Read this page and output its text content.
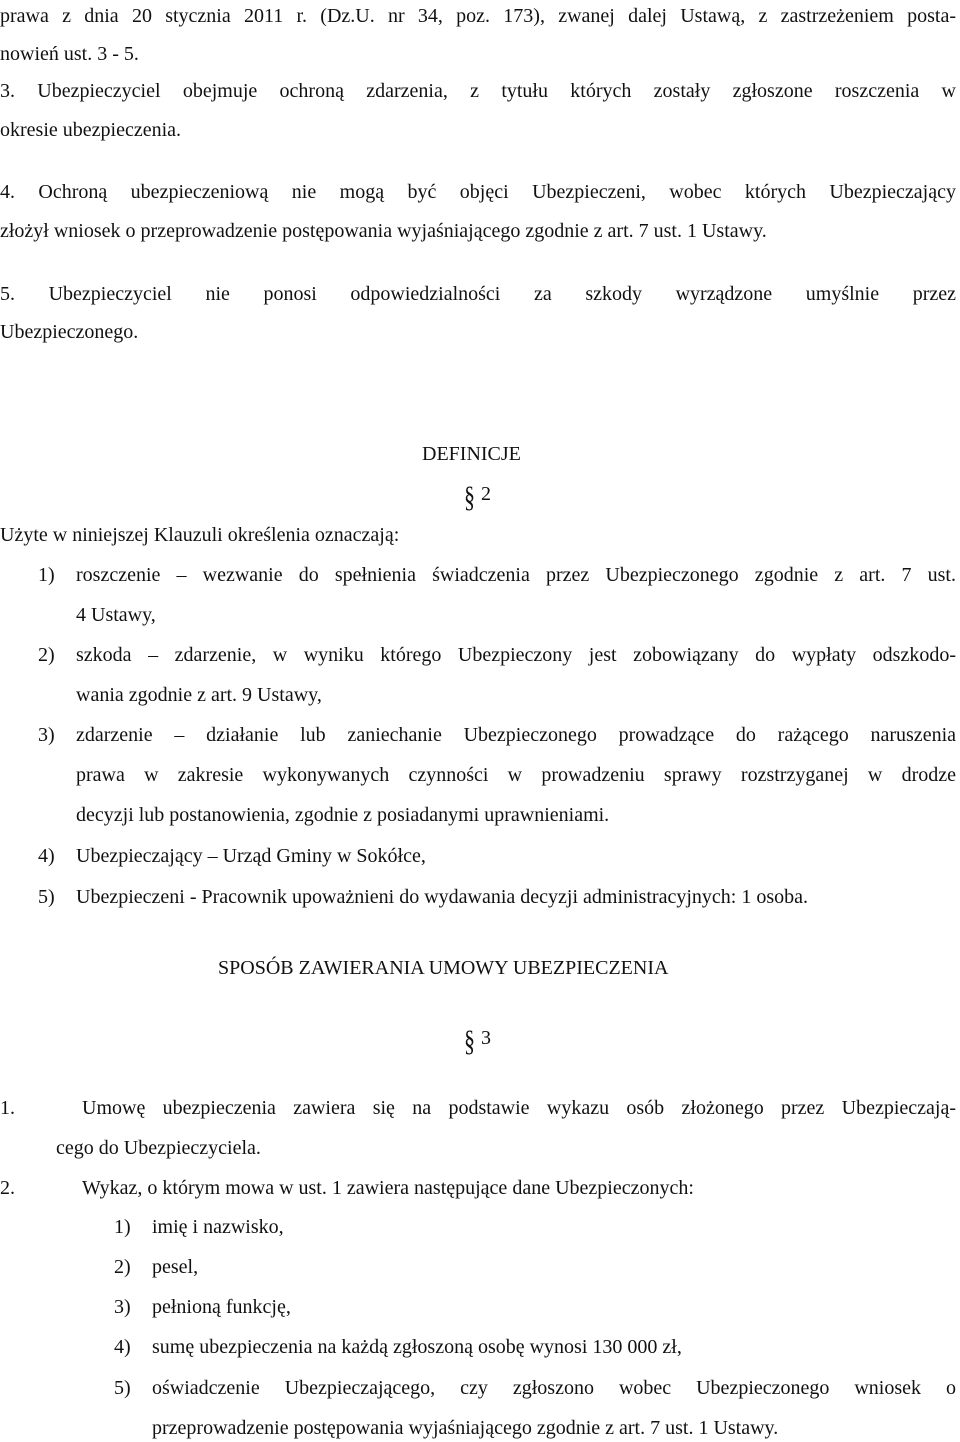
prawa z dnia 20 stycznia 2011 r. (Dz.U. nr 34, poz. 173), zwanej dalej Ustawą, z zastrzeżeniem posta-
nowień ust. 3 - 5.
3. Ubezpieczyciel obejmuje ochroną zdarzenia, z tytułu których zostały zgłoszone roszczenia w
okresie ubezpieczenia.
4. Ochroną ubezpieczeniową nie mogą być objęci Ubezpieczeni, wobec których Ubezpieczający
złożył wniosek o przeprowadzenie postępowania wyjaśniającego zgodnie z art. 7 ust. 1 Ustawy.
5. Ubezpieczyciel nie ponosi odpowiedzialności za szkody wyrządzone umyślnie przez
Ubezpieczonego.
DEFINICJE
§ 2
Użyte w niniejszej Klauzuli określenia oznaczają:
1) roszczenie – wezwanie do spełnienia świadczenia przez Ubezpieczonego zgodnie z art. 7 ust.
4 Ustawy,
2) szkoda – zdarzenie, w wyniku którego Ubezpieczony jest zobowiązany do wypłaty odszkodo-
wania zgodnie z art. 9 Ustawy,
3) zdarzenie – działanie lub zaniechanie Ubezpieczonego prowadzące do rażącego naruszenia
prawa w zakresie wykonywanych czynności w prowadzeniu sprawy rozstrzyganej w drodze
decyzji lub postanowienia, zgodnie z posiadanymi uprawnieniami.
4) Ubezpieczający – Urząd Gminy w Sokółce,
5) Ubezpieczeni - Pracownik upoważnieni do wydawania decyzji administracyjnych: 1 osoba.
SPOSÓB ZAWIERANIA UMOWY UBEZPIECZENIA
§ 3
1.	Umowę ubezpieczenia zawiera się na podstawie wykazu osób złożonego przez Ubezpieczają-
cego do Ubezpieczyciela.
2.	Wykaz, o którym mowa w ust. 1 zawiera następujące dane Ubezpieczonych:
1) imię i nazwisko,
2) pesel,
3) pełnioną funkcję,
4) sumę ubezpieczenia na każdą zgłoszoną osobę wynosi 130 000 zł,
5) oświadczenie Ubezpieczającego, czy zgłoszono wobec Ubezpieczonego wniosek o
przeprowadzenie postępowania wyjaśniającego zgodnie z art. 7 ust. 1 Ustawy.
